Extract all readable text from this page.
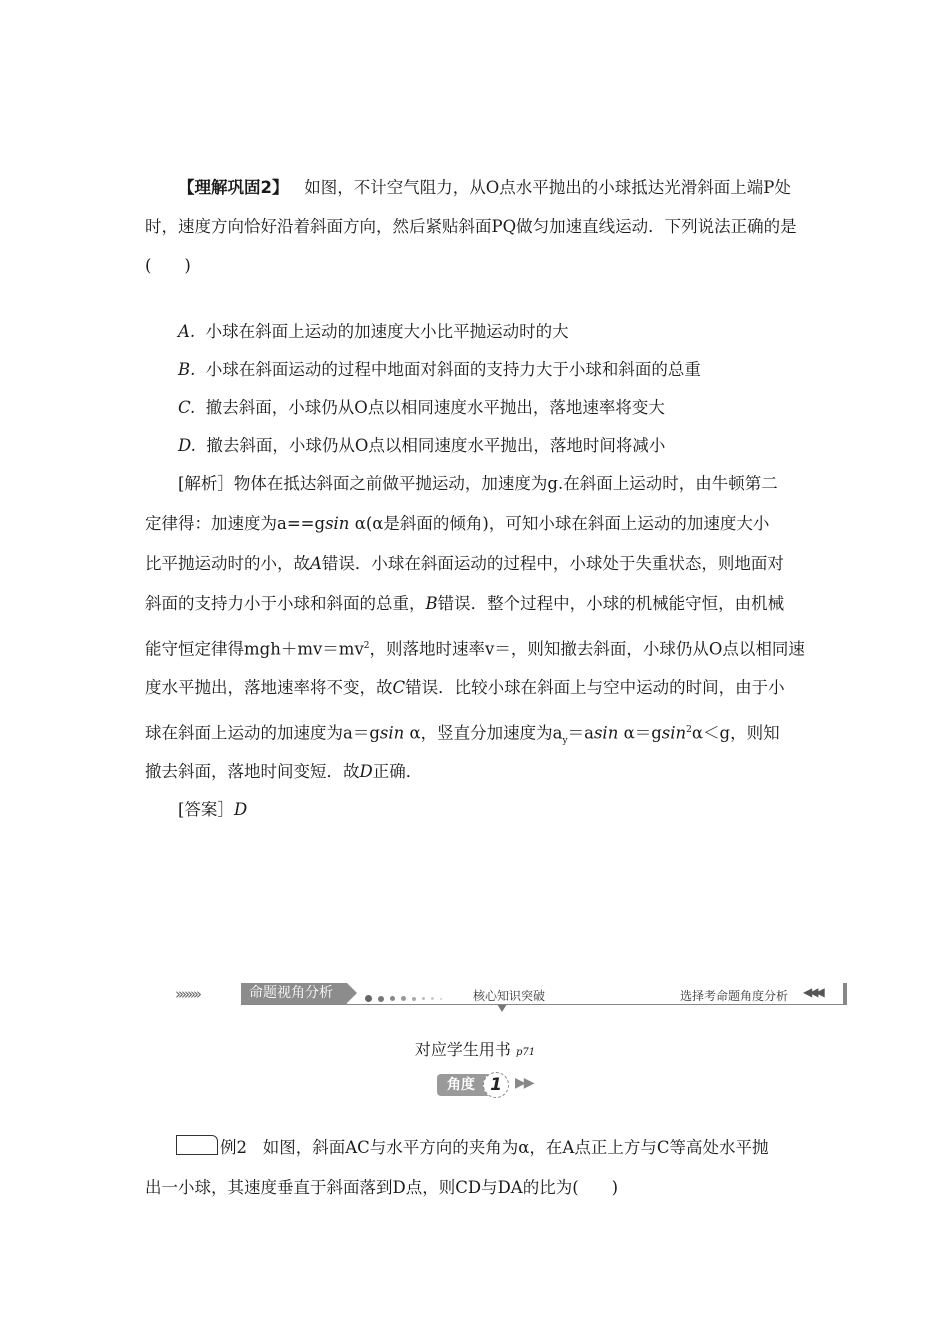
【理解巩固2】 如图，不计空气阻力，从O点水平抛出的小球抵达光滑斜面上端P处
时，速度方向恰好沿着斜面方向，然后紧贴斜面PQ做匀加速直线运动．下列说法正确的是
(　　)
A. 小球在斜面上运动的加速度大小比平抛运动时的大
B. 小球在斜面运动的过程中地面对斜面的支持力大于小球和斜面的总重
C. 撤去斜面，小球仍从O点以相同速度水平抛出，落地速率将变大
D. 撤去斜面，小球仍从O点以相同速度水平抛出，落地时间将减小
[解析］物体在抵达斜面之前做平抛运动，加速度为g.在斜面上运动时，由牛顿第二
定律得：加速度为a==gsin α(α是斜面的倾角)，可知小球在斜面上运动的加速度大小
比平抛运动时的小，故A错误．小球在斜面运动的过程中，小球处于失重状态，则地面对
斜面的支持力小于小球和斜面的总重，B错误．整个过程中，小球的机械能守恒，由机械
能守恒定律得$mgh+mv=mv^2$，则落地时速率v＝，则知撤去斜面，小球仍从O点以相同速
度水平抛出，落地速率将不变，故C错误．比较小球在斜面上与空中运动的时间，由于小
球在斜面上运动的加速度为a＝gsin α，竖直分加速度为$a_y=asin$ α＝gsin$^2$α＜g，则知
撤去斜面，落地时间变短．故D正确．
[答案］D
››››››››	命题视角分析	核心知识突破	选择考命题角度分析 ◀◀◀
对应学生用书 p71
角度 1 ▶▶
例2 如图，斜面AC与水平方向的夹角为α，在A点正上方与C等高处水平抛
出一小球，其速度垂直于斜面落到D点，则CD与DA的比为(　　)
